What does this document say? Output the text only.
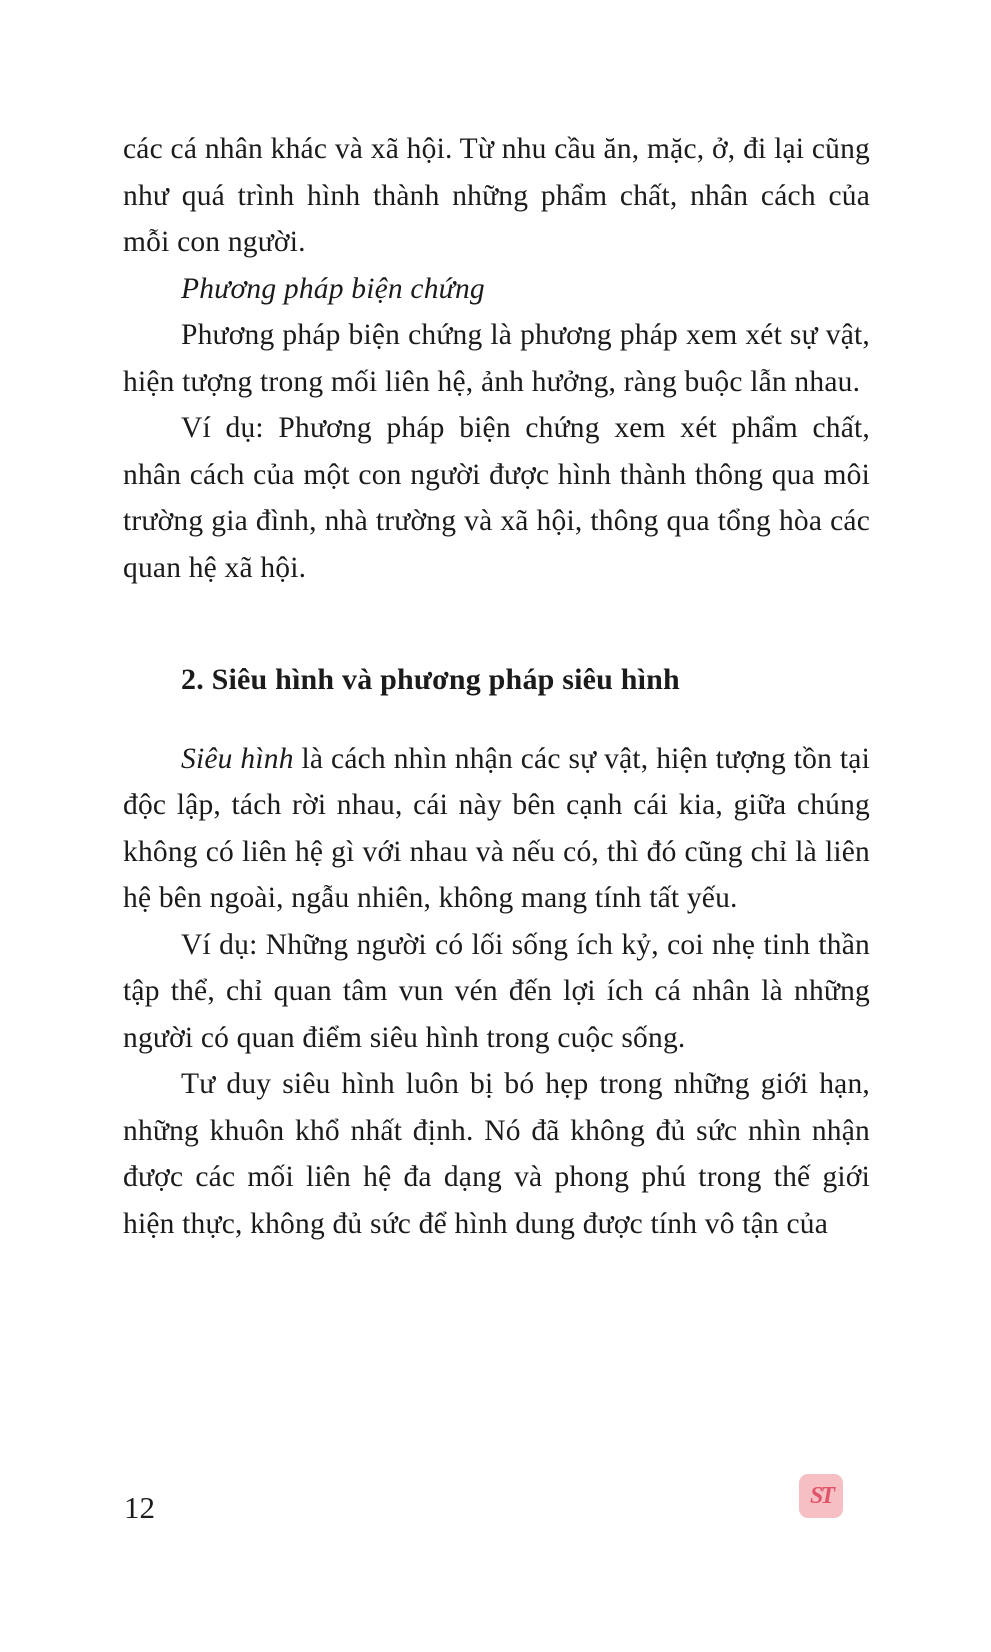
các cá nhân khác và xã hội. Từ nhu cầu ăn, mặc, ở, đi lại cũng như quá trình hình thành những phẩm chất, nhân cách của mỗi con người.

Phương pháp biện chứng

Phương pháp biện chứng là phương pháp xem xét sự vật, hiện tượng trong mối liên hệ, ảnh hưởng, ràng buộc lẫn nhau.

Ví dụ: Phương pháp biện chứng xem xét phẩm chất, nhân cách của một con người được hình thành thông qua môi trường gia đình, nhà trường và xã hội, thông qua tổng hòa các quan hệ xã hội.

2. Siêu hình và phương pháp siêu hình

Siêu hình là cách nhìn nhận các sự vật, hiện tượng tồn tại độc lập, tách rời nhau, cái này bên cạnh cái kia, giữa chúng không có liên hệ gì với nhau và nếu có, thì đó cũng chỉ là liên hệ bên ngoài, ngẫu nhiên, không mang tính tất yếu.

Ví dụ: Những người có lối sống ích kỷ, coi nhẹ tinh thần tập thể, chỉ quan tâm vun vén đến lợi ích cá nhân là những người có quan điểm siêu hình trong cuộc sống.

Tư duy siêu hình luôn bị bó hẹp trong những giới hạn, những khuôn khổ nhất định. Nó đã không đủ sức nhìn nhận được các mối liên hệ đa dạng và phong phú trong thế giới hiện thực, không đủ sức để hình dung được tính vô tận của

12	ST
